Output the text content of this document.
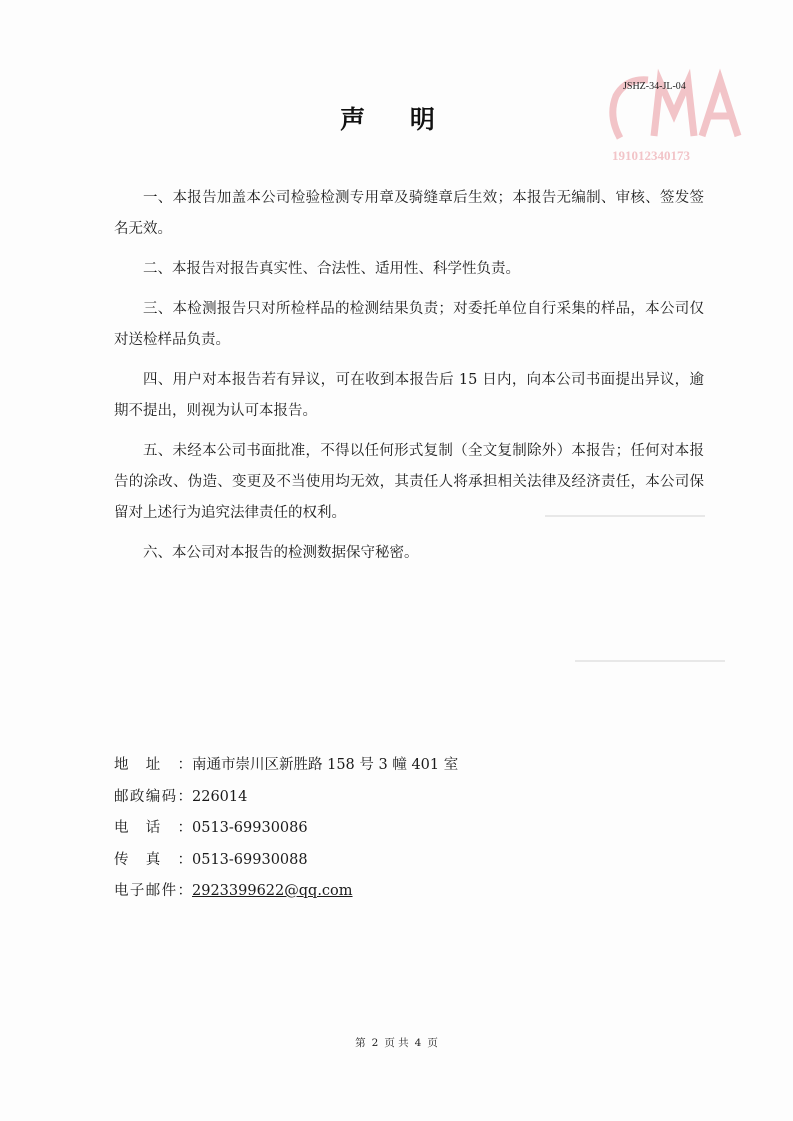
191012340173
JSHZ-34-JL-04
声 明

一、本报告加盖本公司检验检测专用章及骑缝章后生效；本报告无编制、审核、签发签名无效。

二、本报告对报告真实性、合法性、适用性、科学性负责。

三、本检测报告只对所检样品的检测结果负责；对委托单位自行采集的样品，本公司仅对送检样品负责。

四、用户对本报告若有异议，可在收到本报告后 15 日内，向本公司书面提出异议，逾期不提出，则视为认可本报告。

五、未经本公司书面批准，不得以任何形式复制（全文复制除外）本报告；任何对本报告的涂改、伪造、变更及不当使用均无效，其责任人将承担相关法律及经济责任，本公司保留对上述行为追究法律责任的权利。

六、本公司对本报告的检测数据保守秘密。

地址：南通市崇川区新胜路 158 号 3 幢 401 室
邮政编码：226014
电话：0513-69930086
传真：0513-69930088
电子邮件：2923399622@qq.com
第 2 页 共 4 页
